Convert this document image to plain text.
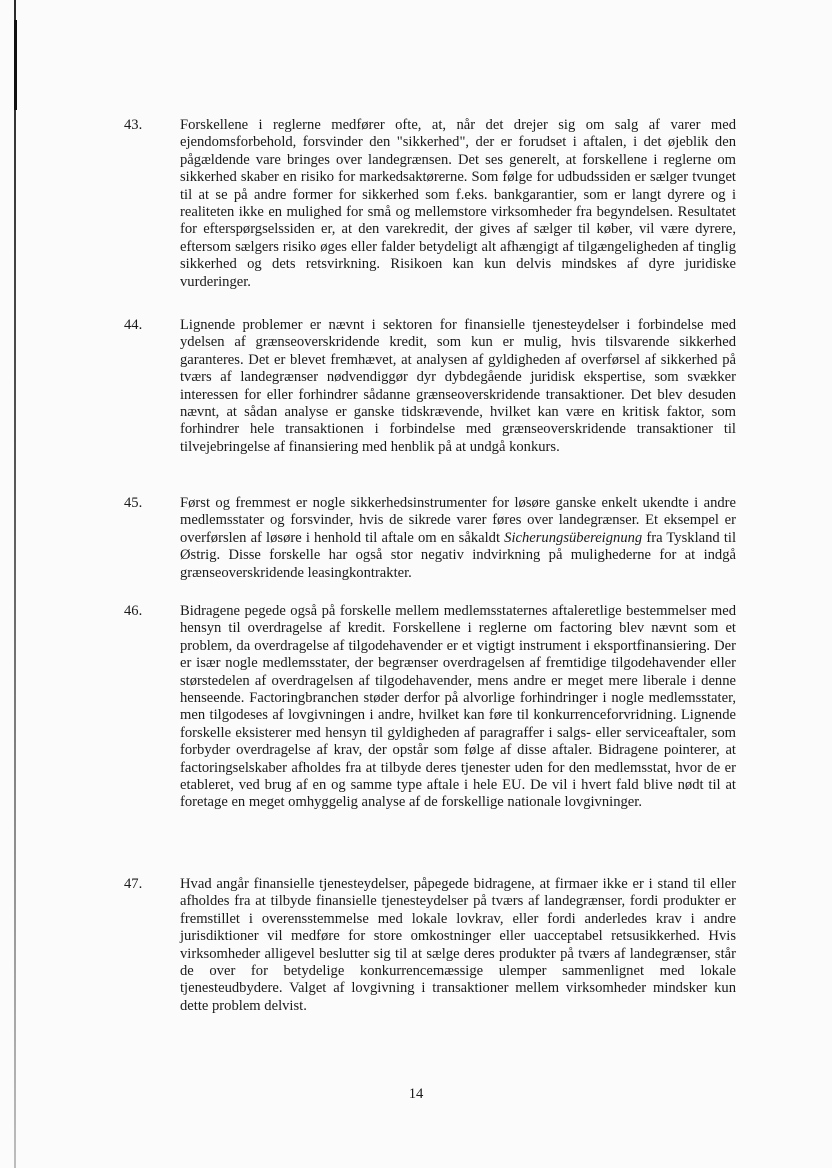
43.	Forskellene i reglerne medfører ofte, at, når det drejer sig om salg af varer med ejendomsforbehold, forsvinder den "sikkerhed", der er forudset i aftalen, i det øjeblik den pågældende vare bringes over landegrænsen. Det ses generelt, at forskellene i reglerne om sikkerhed skaber en risiko for markedsaktørerne. Som følge for udbudssiden er sælger tvunget til at se på andre former for sikkerhed som f.eks. bankgarantier, som er langt dyrere og i realiteten ikke en mulighed for små og mellemstore virksomheder fra begyndelsen. Resultatet for efterspørgselssiden er, at den varekredit, der gives af sælger til køber, vil være dyrere, eftersom sælgers risiko øges eller falder betydeligt alt afhængigt af tilgængeligheden af tinglig sikkerhed og dets retsvirkning. Risikoen kan kun delvis mindskes af dyre juridiske vurderinger.
44.	Lignende problemer er nævnt i sektoren for finansielle tjenesteydelser i forbindelse med ydelsen af grænseoverskridende kredit, som kun er mulig, hvis tilsvarende sikkerhed garanteres. Det er blevet fremhævet, at analysen af gyldigheden af overførsel af sikkerhed på tværs af landegrænser nødvendiggør dyr dybdegående juridisk ekspertise, som svækker interessen for eller forhindrer sådanne grænseoverskridende transaktioner. Det blev desuden nævnt, at sådan analyse er ganske tidskrævende, hvilket kan være en kritisk faktor, som forhindrer hele transaktionen i forbindelse med grænseoverskridende transaktioner til tilvejebringelse af finansiering med henblik på at undgå konkurs.
45.	Først og fremmest er nogle sikkerhedsinstrumenter for løsøre ganske enkelt ukendte i andre medlemsstater og forsvinder, hvis de sikrede varer føres over landegrænser. Et eksempel er overførslen af løsøre i henhold til aftale om en såkaldt Sicherungsübereignung fra Tyskland til Østrig. Disse forskelle har også stor negativ indvirkning på mulighederne for at indgå grænseoverskridende leasingkontrakter.
46.	Bidragene pegede også på forskelle mellem medlemsstaternes aftaleretlige bestemmelser med hensyn til overdragelse af kredit. Forskellene i reglerne om factoring blev nævnt som et problem, da overdragelse af tilgodehavender er et vigtigt instrument i eksportfinansiering. Der er især nogle medlemsstater, der begrænser overdragelsen af fremtidige tilgodehavender eller størstedelen af overdragelsen af tilgodehavender, mens andre er meget mere liberale i denne henseende. Factoringbranchen støder derfor på alvorlige forhindringer i nogle medlemsstater, men tilgodeses af lovgivningen i andre, hvilket kan føre til konkurrenceforvridning. Lignende forskelle eksisterer med hensyn til gyldigheden af paragraffer i salgs- eller serviceaftaler, som forbyder overdragelse af krav, der opstår som følge af disse aftaler. Bidragene pointerer, at factoringselskaber afholdes fra at tilbyde deres tjenester uden for den medlemsstat, hvor de er etableret, ved brug af en og samme type aftale i hele EU. De vil i hvert fald blive nødt til at foretage en meget omhyggelig analyse af de forskellige nationale lovgivninger.
47.	Hvad angår finansielle tjenesteydelser, påpegede bidragene, at firmaer ikke er i stand til eller afholdes fra at tilbyde finansielle tjenesteydelser på tværs af landegrænser, fordi produkter er fremstillet i overensstemmelse med lokale lovkrav, eller fordi anderledes krav i andre jurisdiktioner vil medføre for store omkostninger eller uacceptabel retsusikkerhed. Hvis virksomheder alligevel beslutter sig til at sælge deres produkter på tværs af landegrænser, står de over for betydelige konkurrencemæssige ulemper sammenlignet med lokale tjenesteudbydere. Valget af lovgivning i transaktioner mellem virksomheder mindsker kun dette problem delvist.
14
